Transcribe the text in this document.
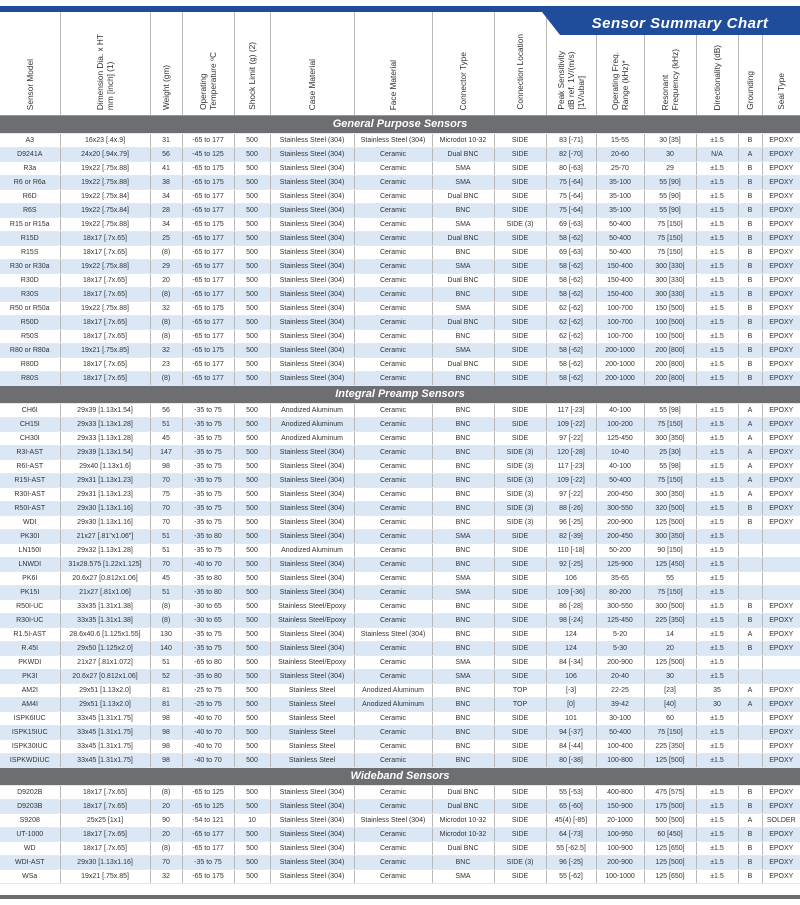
Sensor Model	Dimension Dia. x HT
mm [inch] (1)	Weight (gm)	Operating
Temperature ºC	Shock Limit (g) (2)	Case Material	Face Material	Connector Type	Connection Location	Peak Sensitivity
dB ref. 1V/(m/s)
[1V/ubar]	Operating Freq.
Range (kHz)*	Resonant
Frequency (kHz)	Directionality (dB)	Grounding	Seal Type
General Purpose Sensors														
A3	16x23 [.4x.9]	31	-65 to 177	500	Stainless Steel (304)	Stainless Steel (304)	Microdot 10-32	SIDE	83 [-71]	15-55	30 [35]	±1.5	B	EPOXY
D9241A	24x20 [.94x.79]	56	-45 to 125	500	Stainless Steel (304)	Ceramic	Dual BNC	SIDE	82 [-70]	20-60	30	N/A	A	EPOXY
R3a	19x22 [.75x.88]	41	-65 to 175	500	Stainless Steel (304)	Ceramic	SMA	SIDE	80 [-63]	25-70	29	±1.5	B	EPOXY
R6 or R6a	19x22 [.75x.88]	38	-65 to 175	500	Stainless Steel (304)	Ceramic	SMA	SIDE	75 [-64]	35-100	55 [90]	±1.5	B	EPOXY
R6D	19x22 [.75x.84]	34	-65 to 177	500	Stainless Steel (304)	Ceramic	Dual BNC	SIDE	75 [-64]	35-100	55 [90]	±1.5	B	EPOXY
R6S	19x22 [.75x.84]	28	-65 to 177	500	Stainless Steel (304)	Ceramic	BNC	SIDE	75 [-64]	35-100	55 [90]	±1.5	B	EPOXY
R15 or R15a	19x22 [.75x.88]	34	-65 to 175	500	Stainless Steel (304)	Ceramic	SMA	SIDE (3)	69 [-63]	50-400	75 [150]	±1.5	B	EPOXY
R15D	18x17 [.7x.65]	25	-65 to 177	500	Stainless Steel (304)	Ceramic	Dual BNC	SIDE	58 [-62]	50-400	75 [150]	±1.5	B	EPOXY
R15S	18x17 [.7x.65]	(8)	-65 to 177	500	Stainless Steel (304)	Ceramic	BNC	SIDE	69 [-63]	50-400	75 [150]	±1.5	B	EPOXY
R30 or R30a	19x22 [.75x.88]	29	-65 to 177	500	Stainless Steel (304)	Ceramic	SMA	SIDE	58 [-62]	150-400	300 [330]	±1.5	B	EPOXY
R30D	18x17 [.7x.65]	20	-65 to 177	500	Stainless Steel (304)	Ceramic	Dual BNC	SIDE	58 [-62]	150-400	300 [330]	±1.5	B	EPOXY
R30S	18x17 [.7x.65]	(8)	-65 to 177	500	Stainless Steel (304)	Ceramic	BNC	SIDE	58 [-62]	150-400	300 [330]	±1.5	B	EPOXY
R50 or R50a	19x22 [.75x.88]	32	-65 to 175	500	Stainless Steel (304)	Ceramic	SMA	SIDE	62 [-62]	100-700	150 [500]	±1.5	B	EPOXY
R50D	18x17 [.7x.65]	(8)	-65 to 177	500	Stainless Steel (304)	Ceramic	Dual BNC	SIDE	62 [-62]	100-700	100 [500]	±1.5	B	EPOXY
R50S	18x17 [.7x.65]	(8)	-65 to 177	500	Stainless Steel (304)	Ceramic	BNC	SIDE	62 [-62]	100-700	100 [500]	±1.5	B	EPOXY
R80 or R80a	19x21 [.75x.85]	32	-65 to 175	500	Stainless Steel (304)	Ceramic	SMA	SIDE	58 [-62]	200-1000	200 [800]	±1.5	B	EPOXY
R80D	18x17 [.7x.65]	23	-65 to 177	500	Stainless Steel (304)	Ceramic	Dual BNC	SIDE	58 [-62]	200-1000	200 [800]	±1.5	B	EPOXY
R80S	18x17 [.7x.65]	(8)	-65 to 177	500	Stainless Steel (304)	Ceramic	BNC	SIDE	58 [-62]	200-1000	200 [800]	±1.5	B	EPOXY
Integral Preamp Sensors														
CH6I	29x39 [1.13x1.54]	56	-35 to 75	500	Anodized Aluminum	Ceramic	BNC	SIDE	117 [-23]	40-100	55 [98]	±1.5	A	EPOXY
CH15I	29x33 [1.13x1.28]	51	-35 to 75	500	Anodized Aluminum	Ceramic	BNC	SIDE	109 [-22]	100-200	75 [150]	±1.5	A	EPOXY
CH30I	29x33 [1.13x1.28]	45	-35 to 75	500	Anodized Aluminum	Ceramic	BNC	SIDE	97 [-22]	125-450	300 [350]	±1.5	A	EPOXY
R3I-AST	29x39 [1.13x1.54]	147	-35 to 75	500	Stainless Steel (304)	Ceramic	BNC	SIDE (3)	120 [-28]	10-40	25 [30]	±1.5	A	EPOXY
R6I-AST	29x40 [1.13x1.6]	98	-35 to 75	500	Stainless Steel (304)	Ceramic	BNC	SIDE (3)	117 [-23]	40-100	55 [98]	±1.5	A	EPOXY
R15I-AST	29x31 [1.13x1.23]	70	-35 to 75	500	Stainless Steel (304)	Ceramic	BNC	SIDE (3)	109 [-22]	50-400	75 [150]	±1.5	A	EPOXY
R30I-AST	29x31 [1.13x1.23]	75	-35 to 75	500	Stainless Steel (304)	Ceramic	BNC	SIDE (3)	97 [-22]	200-450	300 [350]	±1.5	A	EPOXY
R50I-AST	29x30 [1.13x1.16]	70	-35 to 75	500	Stainless Steel (304)	Ceramic	BNC	SIDE (3)	88 [-26]	300-550	320 [500]	±1.5	B	EPOXY
WDI	29x30 [1.13x1.16]	70	-35 to 75	500	Stainless Steel (304)	Ceramic	BNC	SIDE (3)	96 [-25]	200-900	125 [500]	±1.5	B	EPOXY
PK30I	21x27 [.81"x1.06"]	51	-35 to 80	500	Stainless Steel (304)	Ceramic	SMA	SIDE	82 [-39]	200-450	300 [350]	±1.5		
LN150I	29x32 [1.13x1.28]	51	-35 to 75	500	Anodized Aluminum	Ceramic	BNC	SIDE	110 [-18]	50-200	90 [150]	±1.5		
LNWDI	31x28.575 [1.22x1.125]	70	-40 to 70	500	Stainless Steel (304)	Ceramic	BNC	SIDE	92 [-25]	125-900	125 [450]	±1.5		
PK6I	20.6x27 [0.812x1.06]	45	-35 to 80	500	Stainless Steel (304)	Ceramic	SMA	SIDE	106	35-65	55	±1.5		
PK15I	21x27 [.81x1.06]	51	-35 to 80	500	Stainless Steel (304)	Ceramic	SMA	SIDE	109 [-36]	80-200	75 [150]	±1.5		
R50I-UC	33x35 [1.31x1.38]	(8)	-30 to 65	500	Stainless Steel/Epoxy	Ceramic	BNC	SIDE	86 [-28]	300-550	300 [500]	±1.5	B	EPOXY
R30I-UC	33x35 [1.31x1.38]	(8)	-30 to 65	500	Stainless Steel/Epoxy	Ceramic	BNC	SIDE	98 [-24]	125-450	225 [350]	±1.5	B	EPOXY
R1.5I-AST	28.6x40.6 [1.125x1.55]	130	-35 to 75	500	Stainless Steel (304)	Stainless Steel (304)	BNC	SIDE	124	5-20	14	±1.5	A	EPOXY
R.45I	29x50 [1.125x2.0]	140	-35 to 75	500	Stainless Steel (304)	Ceramic	BNC	SIDE	124	5-30	20	±1.5	B	EPOXY
PKWDI	21x27 [.81x1.072]	51	-65 to 80	500	Stainless Steel/Epoxy	Ceramic	SMA	SIDE	84 [-34]	200-900	125 [500]	±1.5		
PK3I	20.6x27 [0.812x1.06]	52	-35 to 80	500	Stainless Steel (304)	Ceramic	SMA	SIDE	106	20-40	30	±1.5		
AM2I	29x51 [1.13x2.0]	81	-25 to 75	500	Stainless Steel	Anodized Aluminum	BNC	TOP	[-3]	22-25	[23]	35	A	EPOXY
AM4I	29x51 [1.13x2.0]	81	-25 to 75	500	Stainless Steel	Anodized Aluminum	BNC	TOP	[0]	39-42	[40]	30	A	EPOXY
ISPK6IUC	33x45 [1.31x1.75]	98	-40 to 70	500	Stainless Steel	Ceramic	BNC	SIDE	101	30-100	60	±1.5		EPOXY
ISPK15IUC	33x45 [1.31x1.75]	98	-40 to 70	500	Stainless Steel	Ceramic	BNC	SIDE	94 [-37]	50-400	75 [150]	±1.5		EPOXY
ISPK30IUC	33x45 [1.31x1.75]	98	-40 to 70	500	Stainless Steel	Ceramic	BNC	SIDE	84 [-44]	100-400	225 [350]	±1.5		EPOXY
ISPKWDIUC	33x45 [1.31x1.75]	98	-40 to 70	500	Stainless Steel	Ceramic	BNC	SIDE	80 [-38]	100-800	125 [500]	±1.5		EPOXY
Wideband Sensors														
D9202B	18x17 [.7x.65]	(8)	-65 to 125	500	Stainless Steel (304)	Ceramic	Dual BNC	SIDE	55 [-53]	400-800	475 [575]	±1.5	B	EPOXY
D9203B	18x17 [.7x.65]	20	-65 to 125	500	Stainless Steel (304)	Ceramic	Dual BNC	SIDE	65 [-60]	150-900	175 [500]	±1.5	B	EPOXY
S9208	25x25 [1x1]	90	-54 to 121	10	Stainless Steel (304)	Stainless Steel (304)	Microdot 10-32	SIDE	45(4) [-85]	20-1000	500 [500]	±1.5	A	SOLDER
UT-1000	18x17 [.7x.65]	20	-65 to 177	500	Stainless Steel (304)	Ceramic	Microdot 10-32	SIDE	64 [-73]	100-950	60 [450]	±1.5	B	EPOXY
WD	18x17 [.7x.65]	(8)	-65 to 177	500	Stainless Steel (304)	Ceramic	Dual BNC	SIDE	55 [-62.5]	100-900	125 [650]	±1.5	B	EPOXY
WDI-AST	29x30 [1.13x1.16]	70	-35 to 75	500	Stainless Steel (304)	Ceramic	BNC	SIDE (3)	96 [-25]	200-900	125 [500]	±1.5	B	EPOXY
WSa	19x21 [.75x.85]	32	-65 to 175	500	Stainless Steel (304)	Ceramic	SMA	SIDE	55 [-62]	100-1000	125 [650]	±1.5	B	EPOXY
Sensor Summary Chart
